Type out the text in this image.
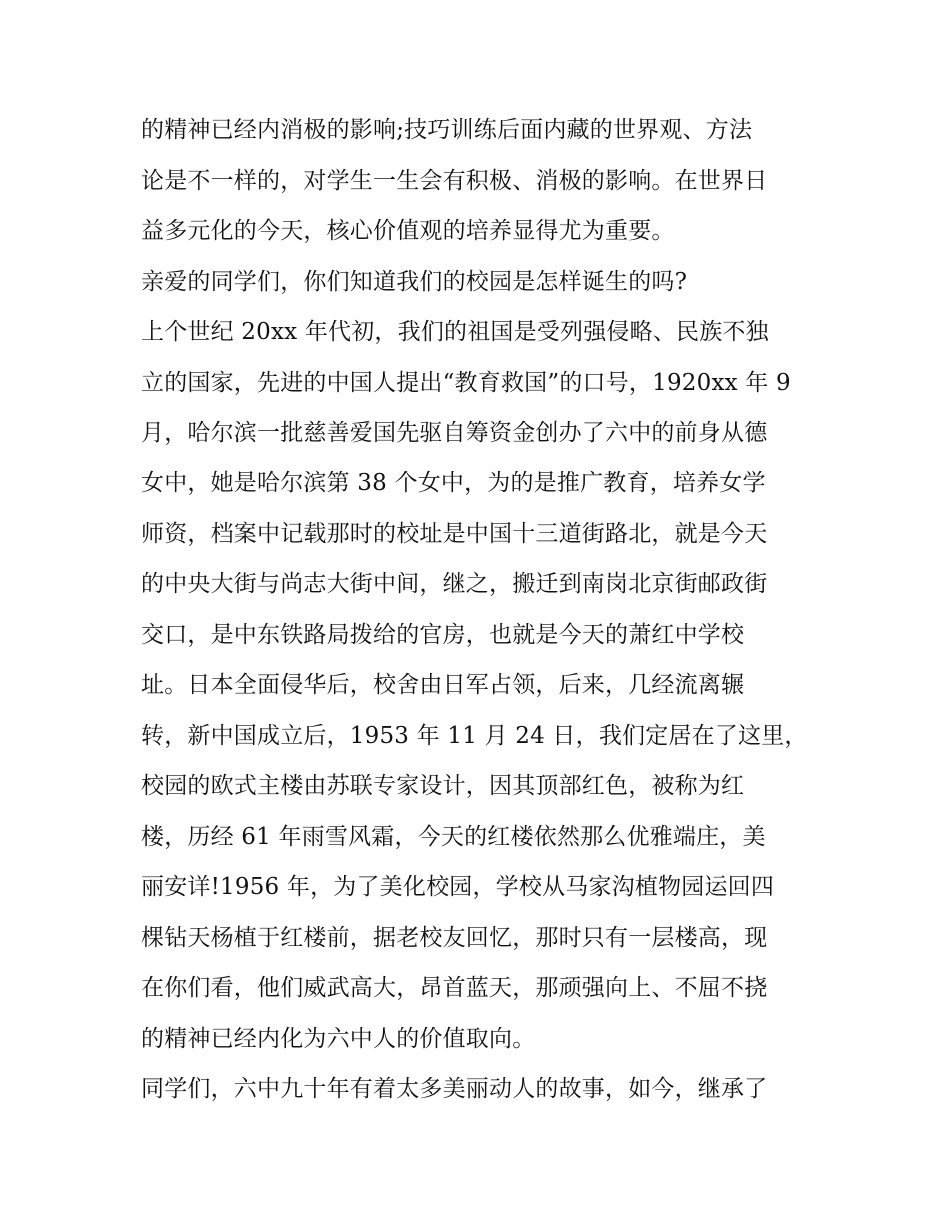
的精神已经内消极的影响;技巧训练后面内藏的世界观、方法
论是不一样的，对学生一生会有积极、消极的影响。在世界日
益多元化的今天，核心价值观的培养显得尤为重要。
亲爱的同学们，你们知道我们的校园是怎样诞生的吗?
上个世纪 20xx 年代初，我们的祖国是受列强侵略、民族不独
立的国家，先进的中国人提出“教育救国”的口号，1920xx 年 9
月，哈尔滨一批慈善爱国先驱自筹资金创办了六中的前身从德
女中，她是哈尔滨第 38 个女中，为的是推广教育，培养女学
师资，档案中记载那时的校址是中国十三道街路北，就是今天
的中央大街与尚志大街中间，继之，搬迁到南岗北京街邮政街
交口，是中东铁路局拨给的官房，也就是今天的萧红中学校
址。日本全面侵华后，校舍由日军占领，后来，几经流离辗
转，新中国成立后，1953 年 11 月 24 日，我们定居在了这里，
校园的欧式主楼由苏联专家设计，因其顶部红色，被称为红
楼，历经 61 年雨雪风霜，今天的红楼依然那么优雅端庄，美
丽安详!1956 年，为了美化校园，学校从马家沟植物园运回四
棵钻天杨植于红楼前，据老校友回忆，那时只有一层楼高，现
在你们看，他们威武高大，昂首蓝天，那顽强向上、不屈不挠
的精神已经内化为六中人的价值取向。
同学们，六中九十年有着太多美丽动人的故事，如今，继承了
